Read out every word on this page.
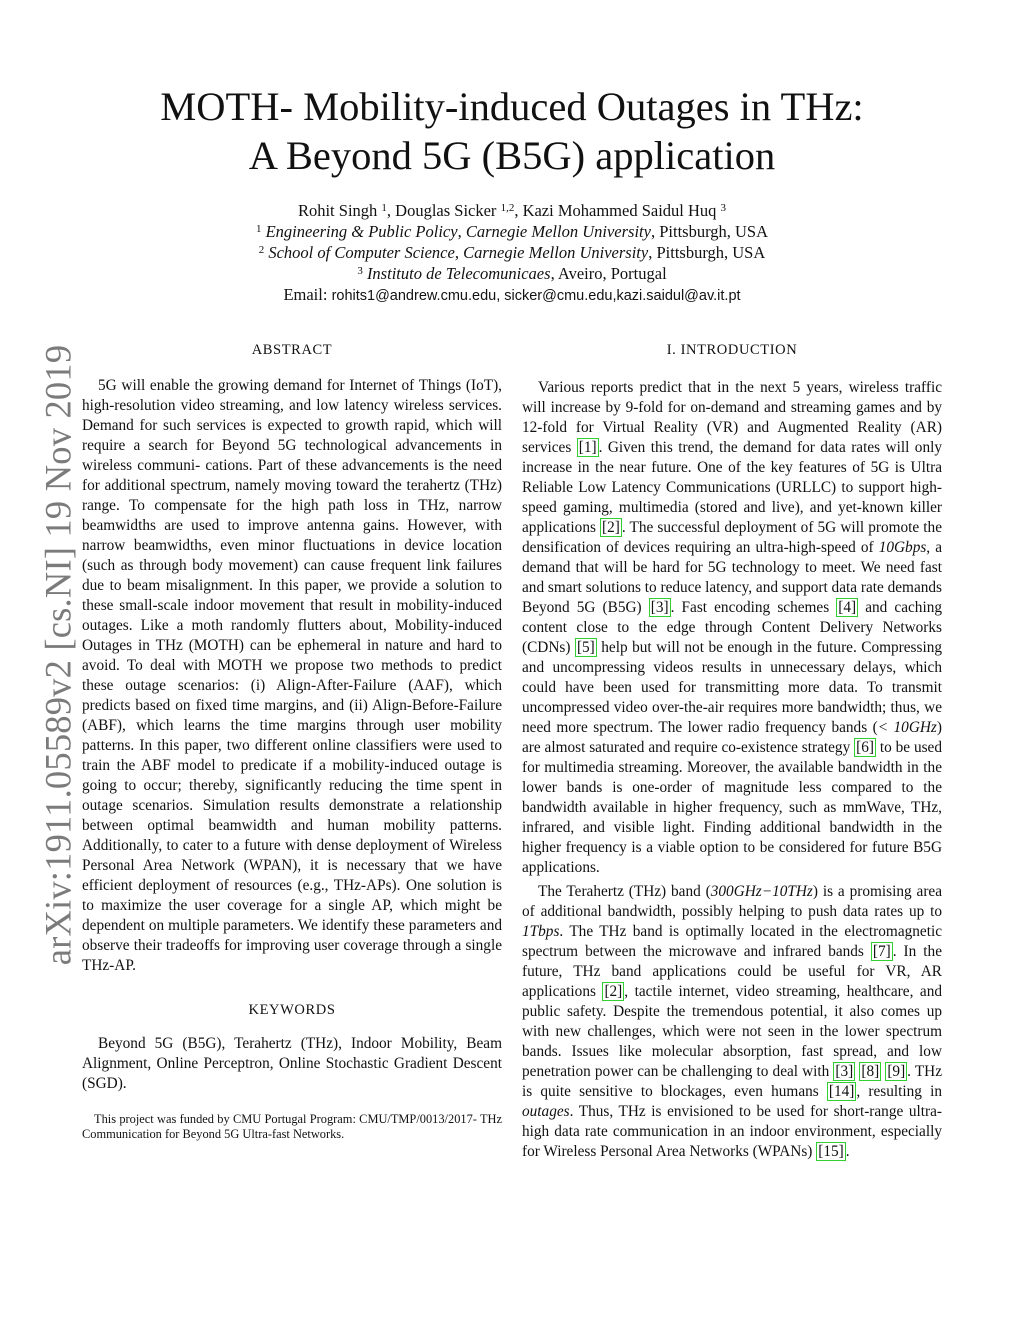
arXiv:1911.05589v2 [cs.NI] 19 Nov 2019
MOTH- Mobility-induced Outages in THz:
A Beyond 5G (B5G) application
Rohit Singh $^1$, Douglas Sicker $^{1,2}$, Kazi Mohammed Saidul Huq $^3$
$^1$ Engineering & Public Policy, Carnegie Mellon University, Pittsburgh, USA
$^2$ School of Computer Science, Carnegie Mellon University, Pittsburgh, USA
$^3$ Instituto de Telecomunicaes, Aveiro, Portugal
Email: rohits1@andrew.cmu.edu, sicker@cmu.edu,kazi.saidul@av.it.pt
ABSTRACT

5G will enable the growing demand for Internet of Things (IoT), high-resolution video streaming, and low latency wireless services. Demand for such services is expected to growth rapid, which will require a search for Beyond 5G technological advancements in wireless communi- cations. Part of these advancements is the need for additional spectrum, namely moving toward the terahertz (THz) range. To compensate for the high path loss in THz, narrow beamwidths are used to improve antenna gains. However, with narrow beamwidths, even minor fluctuations in device location (such as through body movement) can cause frequent link failures due to beam misalignment. In this paper, we provide a solution to these small-scale indoor movement that result in mobility-induced outages. Like a moth randomly flutters about, Mobility-induced Outages in THz (MOTH) can be ephemeral in nature and hard to avoid. To deal with MOTH we propose two methods to predict these outage scenarios: (i) Align-After-Failure (AAF), which predicts based on fixed time margins, and (ii) Align-Before-Failure (ABF), which learns the time margins through user mobility patterns. In this paper, two different online classifiers were used to train the ABF model to predicate if a mobility-induced outage is going to occur; thereby, significantly reducing the time spent in outage scenarios. Simulation results demonstrate a relationship between optimal beamwidth and human mobility patterns. Additionally, to cater to a future with dense deployment of Wireless Personal Area Network (WPAN), it is necessary that we have efficient deployment of resources (e.g., THz-APs). One solution is to maximize the user coverage for a single AP, which might be dependent on multiple parameters. We identify these parameters and observe their tradeoffs for improving user coverage through a single THz-AP.

KEYWORDS

Beyond 5G (B5G), Terahertz (THz), Indoor Mobility, Beam Alignment, Online Perceptron, Online Stochastic Gradient Descent (SGD).

This project was funded by CMU Portugal Program: CMU/TMP/0013/2017- THz Communication for Beyond 5G Ultra-fast Networks.

I. INTRODUCTION

Various reports predict that in the next 5 years, wireless traffic will increase by 9-fold for on-demand and streaming games and by 12-fold for Virtual Reality (VR) and Augmented Reality (AR) services [1] . Given this trend, the demand for data rates will only increase in the near future. One of the key features of 5G is Ultra Reliable Low Latency Communications (URLLC) to support high-speed gaming, multimedia (stored and live), and yet-known killer applications [2] . The successful deployment of 5G will promote the densification of devices requiring an ultra-high-speed of 10Gbps, a demand that will be hard for 5G technology to meet. We need fast and smart solutions to reduce latency, and support data rate demands Beyond 5G (B5G) [3] . Fast encoding schemes [4] and caching content close to the edge through Content Delivery Networks (CDNs) [5] help but will not be enough in the future. Compressing and uncompressing videos results in unnecessary delays, which could have been used for transmitting more data. To transmit uncompressed video over-the-air requires more bandwidth; thus, we need more spectrum. The lower radio frequency bands (< 10GHz) are almost saturated and require co-existence strategy [6] to be used for multimedia streaming. Moreover, the available bandwidth in the lower bands is one-order of magnitude less compared to the bandwidth available in higher frequency, such as mmWave, THz, infrared, and visible light. Finding additional bandwidth in the higher frequency is a viable option to be considered for future B5G applications.

The Terahertz (THz) band (300GHz−10THz) is a promising area of additional bandwidth, possibly helping to push data rates up to 1Tbps. The THz band is optimally located in the electromagnetic spectrum between the microwave and infrared bands [7] . In the future, THz band applications could be useful for VR, AR applications [2] , tactile internet, video streaming, healthcare, and public safety. Despite the tremendous potential, it also comes up with new challenges, which were not seen in the lower spectrum bands. Issues like molecular absorption, fast spread, and low penetration power can be challenging to deal with [3] [8] [9] . THz is quite sensitive to blockages, even humans [14] , resulting in outages. Thus, THz is envisioned to be used for short-range ultra-high data rate communication in an indoor environment, especially for Wireless Personal Area Networks (WPANs) [15] .
